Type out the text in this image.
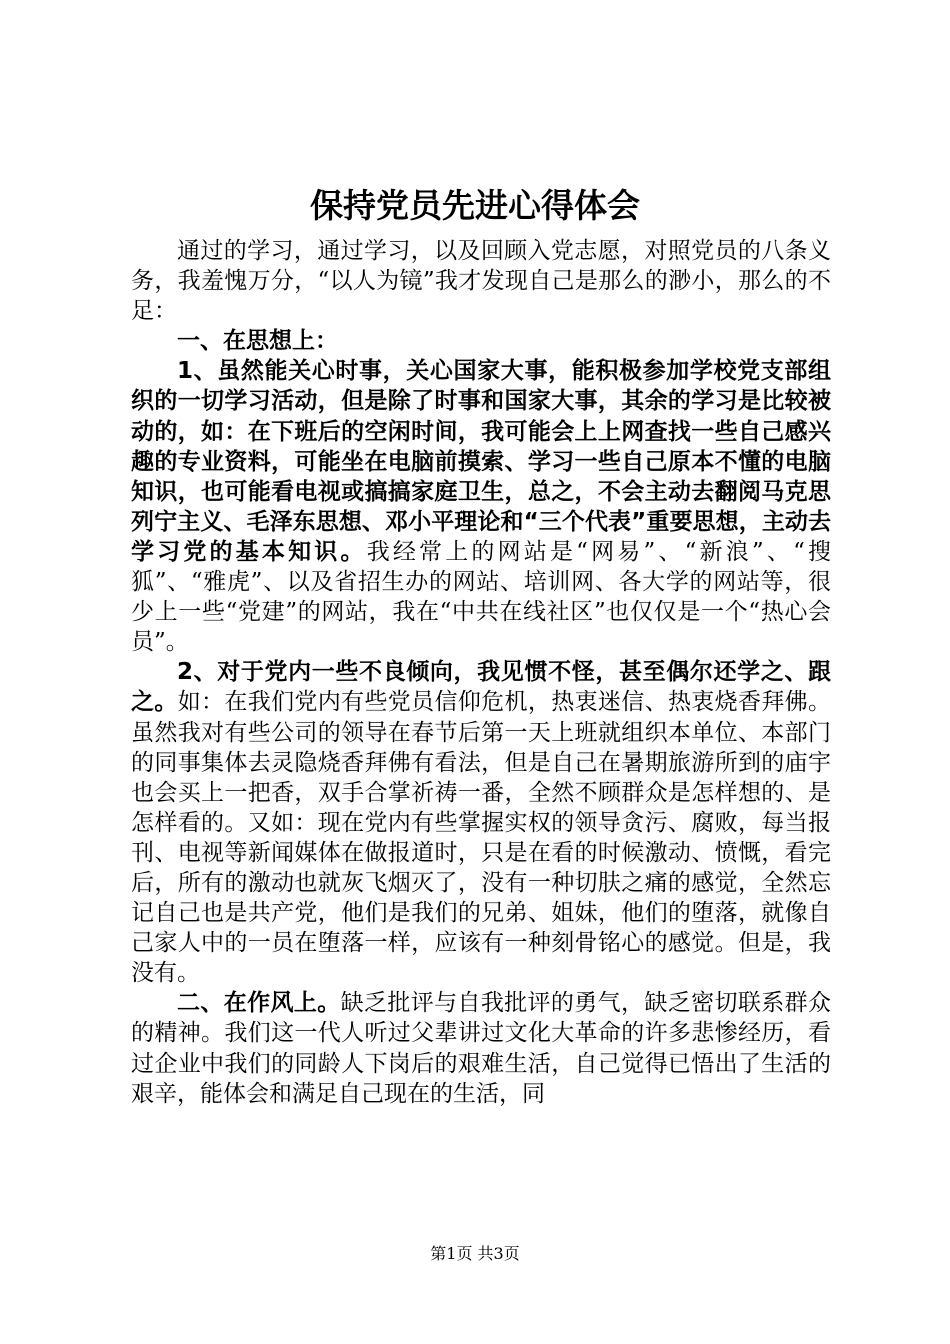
保持党员先进心得体会

通过的学习，通过学习，以及回顾入党志愿，对照党员的八条义务，我羞愧万分，“以人为镜”我才发现自己是那么的渺小，那么的不足：

一、在思想上：

1、虽然能关心时事，关心国家大事，能积极参加学校党支部组织的一切学习活动，但是除了时事和国家大事，其余的学习是比较被动的，如：在下班后的空闲时间，我可能会上上网查找一些自己感兴趣的专业资料，可能坐在电脑前摸索、学习一些自己原本不懂的电脑知识，也可能看电视或搞搞家庭卫生，总之，不会主动去翻阅马克思列宁主义、毛泽东思想、邓小平理论和“三个代表”重要思想，主动去学习党的基本知识。我经常上的网站是“网易”、“新浪”、“搜狐”、“雅虎”、以及省招生办的网站、培训网、各大学的网站等，很少上一些“党建”的网站，我在“中共在线社区”也仅仅是一个“热心会员”。

2、对于党内一些不良倾向，我见惯不怪，甚至偶尔还学之、跟之。如：在我们党内有些党员信仰危机，热衷迷信、热衷烧香拜佛。虽然我对有些公司的领导在春节后第一天上班就组织本单位、本部门的同事集体去灵隐烧香拜佛有看法，但是自己在暑期旅游所到的庙宇也会买上一把香，双手合掌祈祷一番，全然不顾群众是怎样想的、是怎样看的。又如：现在党内有些掌握实权的领导贪污、腐败，每当报刊、电视等新闻媒体在做报道时，只是在看的时候激动、愤慨，看完后，所有的激动也就灰飞烟灭了，没有一种切肤之痛的感觉，全然忘记自己也是共产党，他们是我们的兄弟、姐妹，他们的堕落，就像自己家人中的一员在堕落一样，应该有一种刻骨铭心的感觉。但是，我没有。

二、在作风上。缺乏批评与自我批评的勇气，缺乏密切联系群众的精神。我们这一代人听过父辈讲过文化大革命的许多悲惨经历，看过企业中我们的同龄人下岗后的艰难生活，自己觉得已悟出了生活的艰辛，能体会和满足自己现在的生活，同

第1页 共3页
